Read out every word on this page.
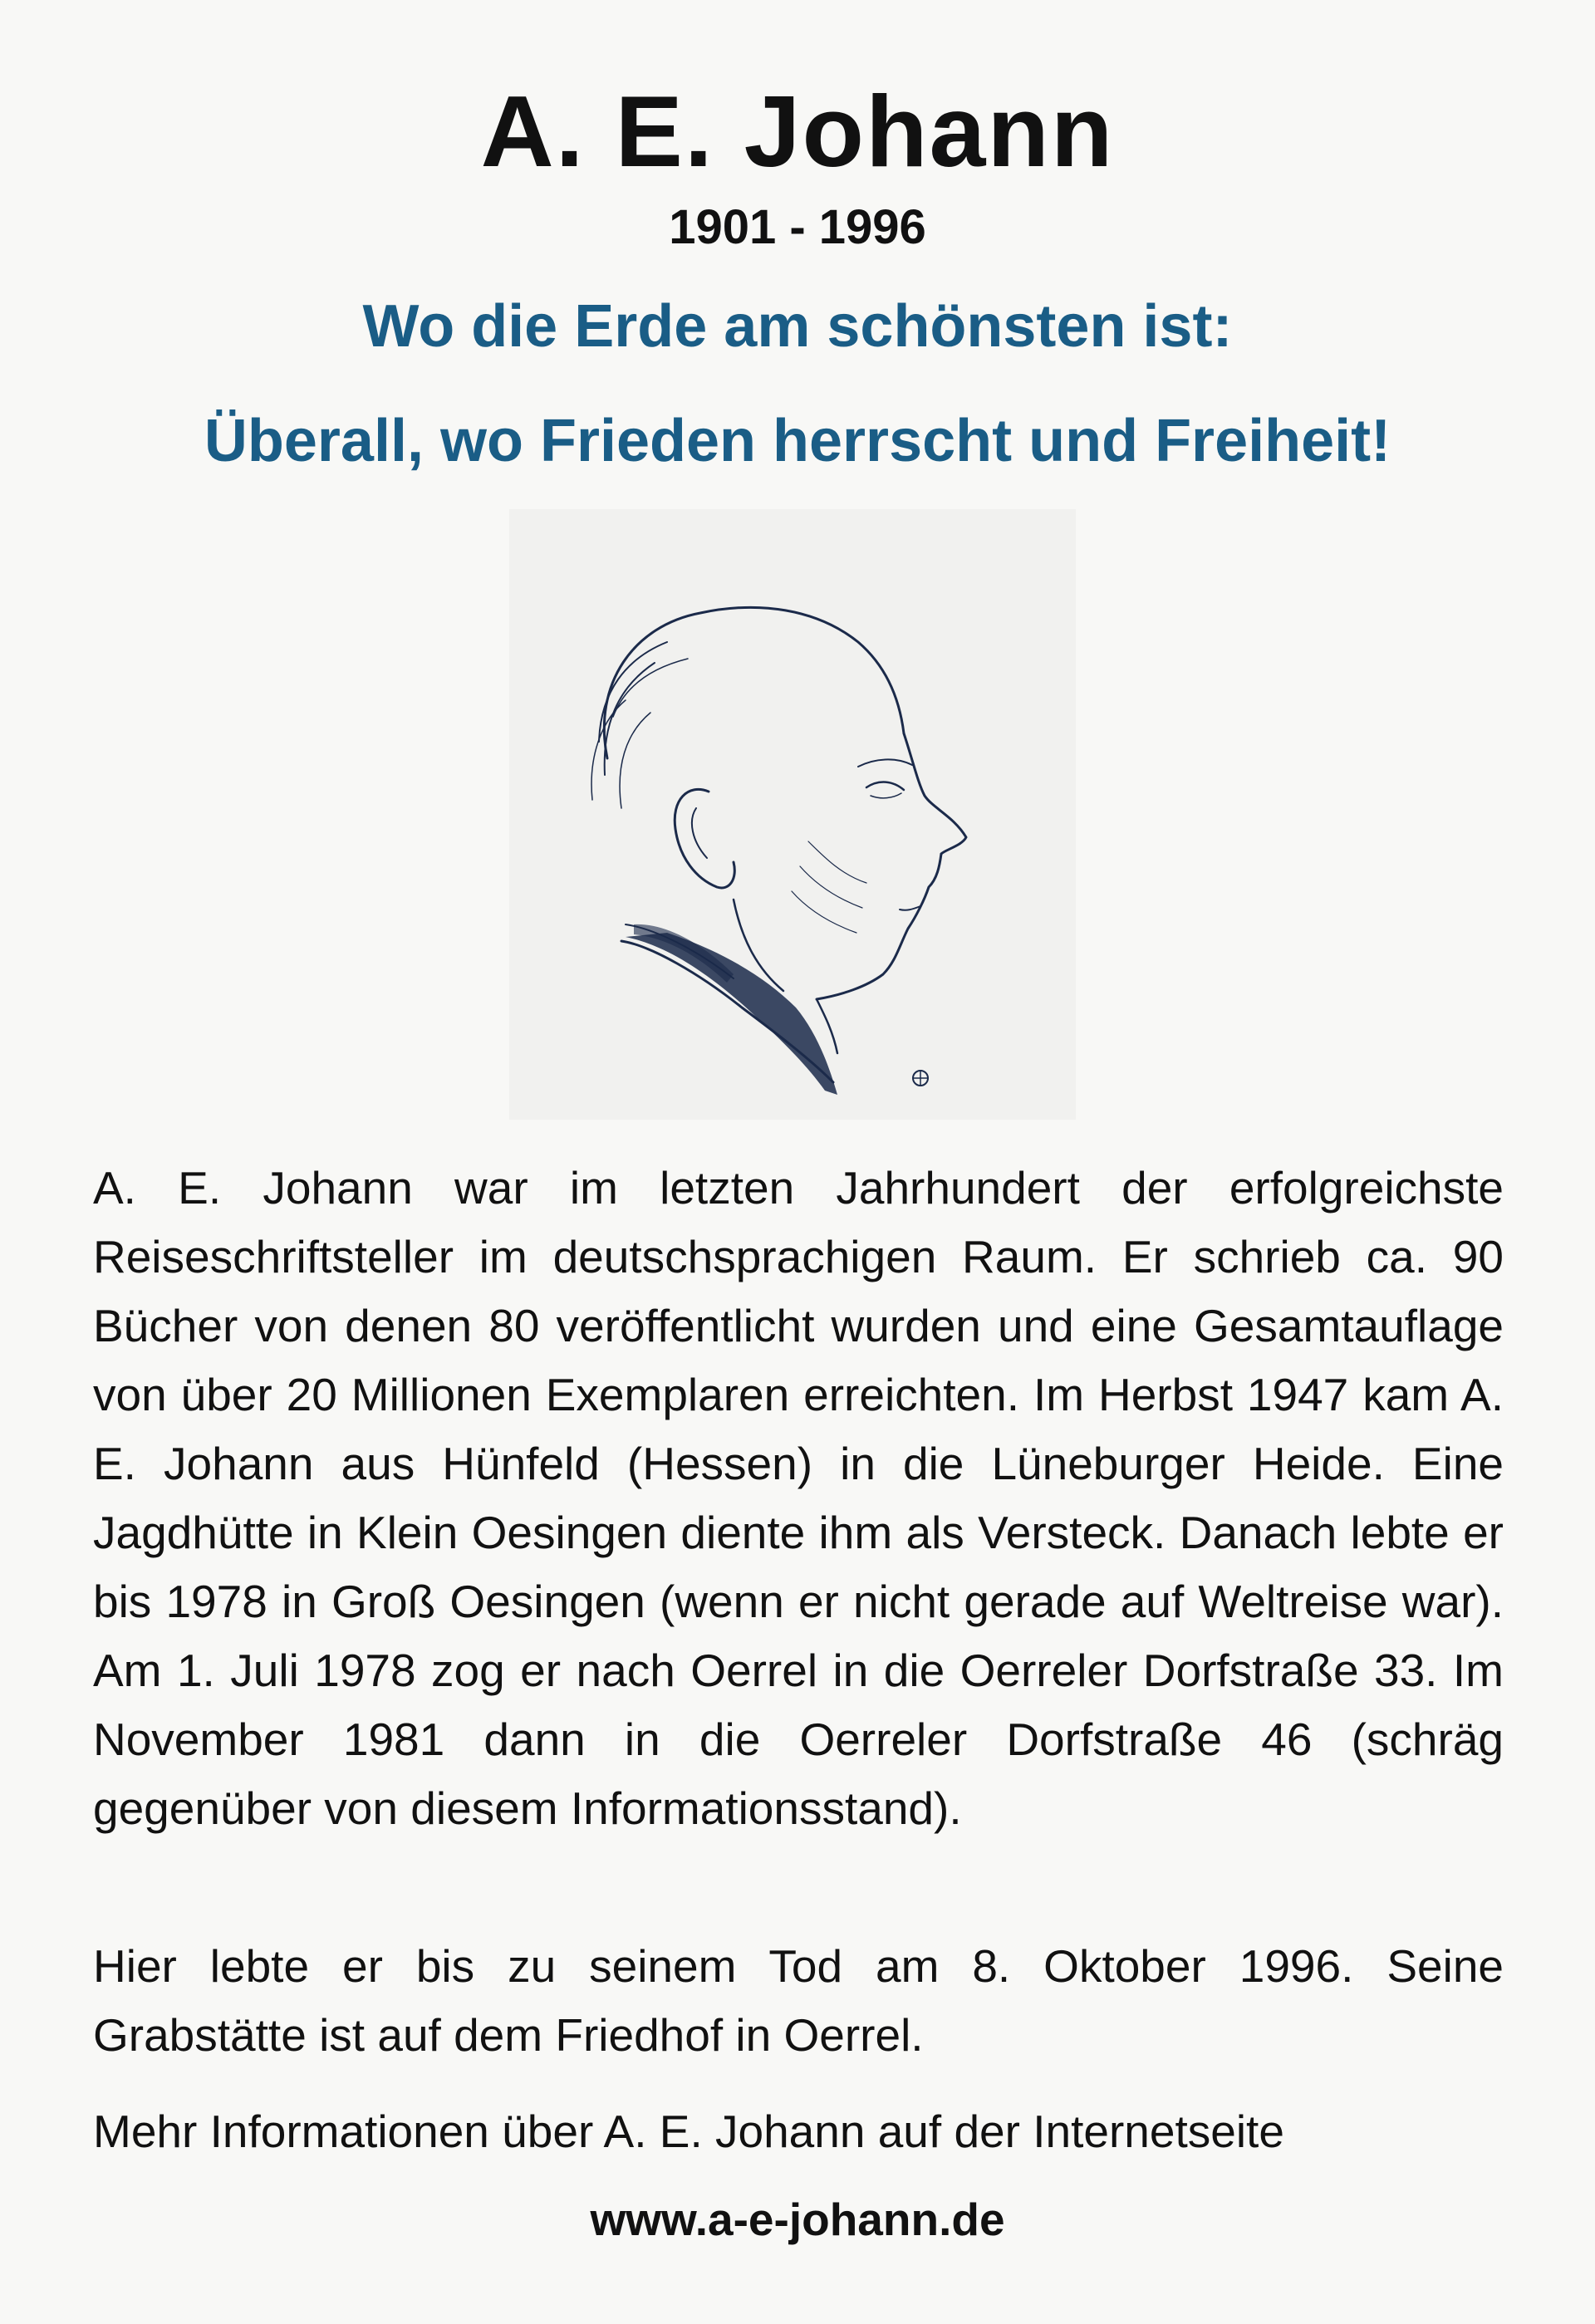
A. E. Johann
1901 - 1996
Wo die Erde am schönsten ist:
Überall, wo Frieden herrscht und Freiheit!

A. E. Johann war im letzten Jahrhundert der erfolgreichste Reiseschriftsteller im deutschsprachigen Raum. Er schrieb ca. 90 Bücher von denen 80 veröffentlicht wurden und eine Gesamtauflage von über 20 Millionen Exemplaren erreichten. Im Herbst 1947 kam A. E. Johann aus Hünfeld (Hessen) in die Lüneburger Heide. Eine Jagdhütte in Klein Oesingen diente ihm als Versteck. Danach lebte er bis 1978 in Groß Oesingen (wenn er nicht gerade auf Weltreise war). Am 1. Juli 1978 zog er nach Oerrel in die Oerreler Dorfstraße 33. Im November 1981 dann in die Oerreler Dorfstraße 46 (schräg gegenüber von diesem Informationsstand).

Hier lebte er bis zu seinem Tod am 8. Oktober 1996. Seine Grabstätte ist auf dem Friedhof in Oerrel.

Mehr Informationen über A. E. Johann auf der Internetseite

www.a-e-johann.de
